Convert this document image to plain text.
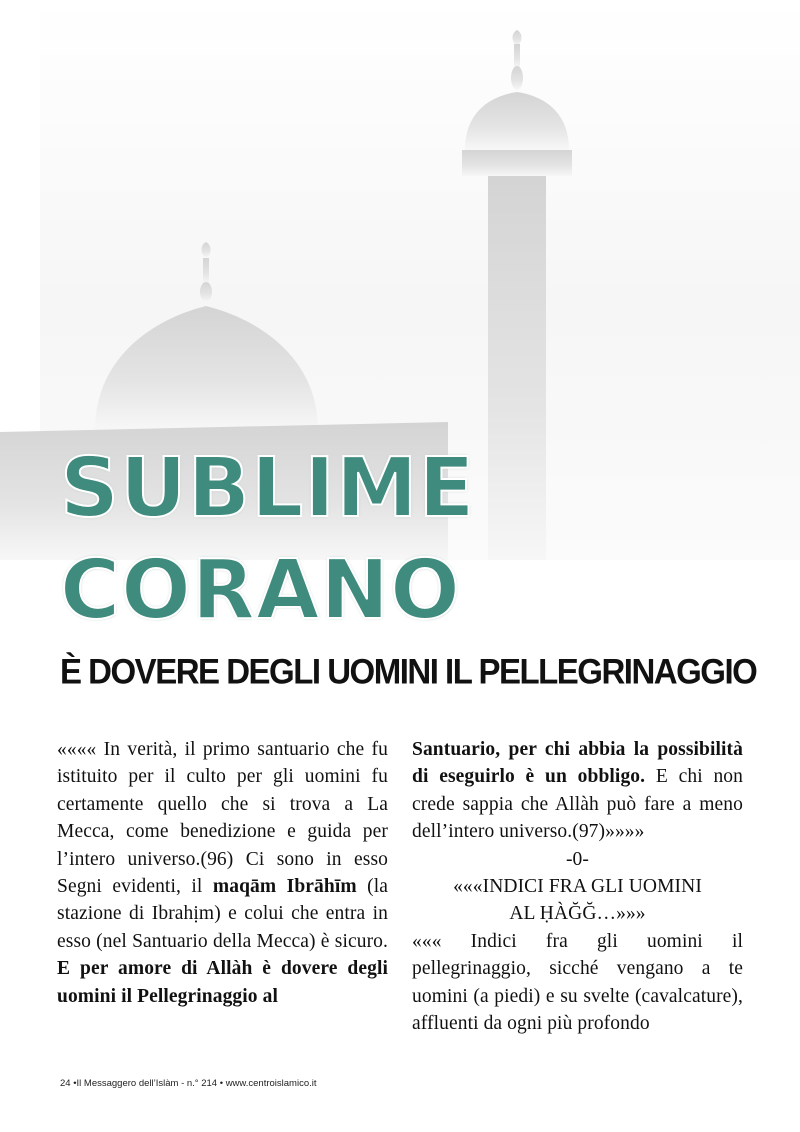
SUBLIME
CORANO
È DOVERE DEGLI UOMINI IL PELLEGRINAGGIO

«««« In verità, il primo santuario che fu istituito per il culto per gli uomini fu certamente quello che si trova a La Mecca, come benedizione e guida per l’intero universo.(96) Ci sono in esso Segni evidenti, il maqām Ibrāhīm (la stazione di Ibrahịm) e colui che entra in esso (nel Santuario della Mecca) è sicuro. E per amore di Allàh è dovere degli uomini il Pellegrinaggio al

Santuario, per chi abbia la possibilità di eseguirlo è un obbligo. E chi non crede sappia che Allàh può fare a meno dell’intero universo.(97)»»»»

-0-

«««INDICI FRA GLI UOMINI

AL ḤÀĞĞ…»»»

««« Indici fra gli uomini il pellegrinaggio, sicché vengano a te uomini (a piedi) e su svelte (cavalcature), affluenti da ogni più profondo

24 •Il Messaggero dell’Islàm - n.° 214 • www.centroislamico.it
